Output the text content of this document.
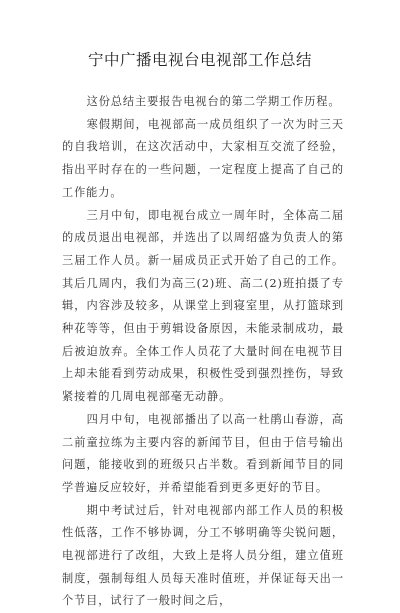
宁中广播电视台电视部工作总结

这份总结主要报告电视台的第二学期工作历程。

寒假期间，电视部高一成员组织了一次为时三天的自我培训，在这次活动中，大家相互交流了经验，指出平时存在的一些问题，一定程度上提高了自己的工作能力。

三月中旬，即电视台成立一周年时，全体高二届的成员退出电视部，并选出了以周绍盛为负责人的第三届工作人员。新一届成员正式开始了自己的工作。其后几周内，我们为高三(2)班、高二(2)班拍摄了专辑，内容涉及较多，从课堂上到寝室里，从打篮球到种花等等，但由于剪辑设备原因，未能录制成功，最后被迫放弃。全体工作人员花了大量时间在电视节目上却未能看到劳动成果，积极性受到强烈挫伤，导致紧接着的几周电视部毫无动静。

四月中旬，电视部播出了以高一杜鹃山春游，高二前童拉练为主要内容的新闻节目，但由于信号输出问题，能接收到的班级只占半数。看到新闻节目的同学普遍反应较好，并希望能看到更多更好的节目。

期中考试过后，针对电视部内部工作人员的积极性低落，工作不够协调，分工不够明确等尖锐问题，电视部进行了改组，大致上是将人员分组，建立值班制度，强制每组人员每天准时值班，并保证每天出一个节目，试行了一般时间之后，
